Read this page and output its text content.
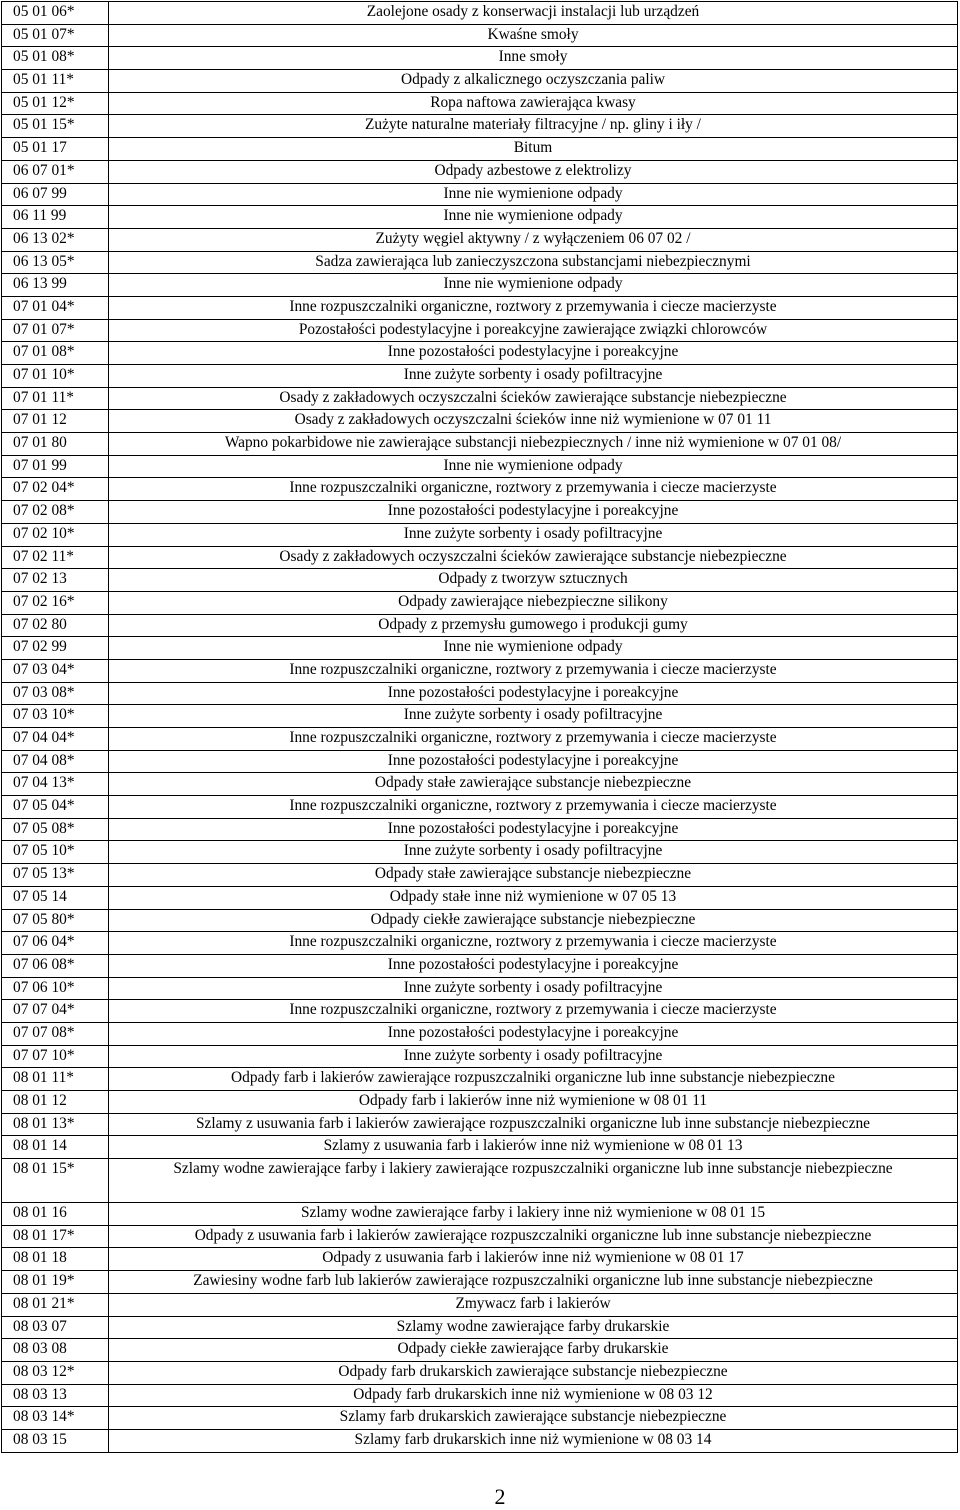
05 01 06*	Zaolejone osady z konserwacji instalacji lub urządzeń
05 01 07*	Kwaśne smoły
05 01 08*	Inne smoły
05 01 11*	Odpady z alkalicznego oczyszczania paliw
05 01 12*	Ropa naftowa zawierająca kwasy
05 01 15*	Zużyte naturalne materiały filtracyjne / np. gliny i iły /
05 01 17	Bitum
06 07 01*	Odpady azbestowe z elektrolizy
06 07 99	Inne nie wymienione odpady
06 11 99	Inne nie wymienione odpady
06 13 02*	Zużyty węgiel aktywny / z wyłączeniem 06 07 02 /
06 13 05*	Sadza zawierająca lub zanieczyszczona substancjami niebezpiecznymi
06 13 99	Inne nie wymienione odpady
07 01 04*	Inne rozpuszczalniki organiczne, roztwory z przemywania i ciecze macierzyste
07 01 07*	Pozostałości podestylacyjne i poreakcyjne zawierające związki chlorowców
07 01 08*	Inne pozostałości podestylacyjne i poreakcyjne
07 01 10*	Inne zużyte sorbenty i osady pofiltracyjne
07 01 11*	Osady z zakładowych oczyszczalni ścieków zawierające substancje niebezpieczne
07 01 12	Osady z zakładowych oczyszczalni ścieków inne niż wymienione w 07 01 11
07 01 80	Wapno pokarbidowe nie zawierające substancji niebezpiecznych / inne niż wymienione w 07 01 08/
07 01 99	Inne nie wymienione odpady
07 02 04*	Inne rozpuszczalniki organiczne, roztwory z przemywania i ciecze macierzyste
07 02 08*	Inne pozostałości podestylacyjne i poreakcyjne
07 02 10*	Inne zużyte sorbenty i osady pofiltracyjne
07 02 11*	Osady z zakładowych oczyszczalni ścieków zawierające substancje niebezpieczne
07 02 13	Odpady z tworzyw sztucznych
07 02 16*	Odpady zawierające niebezpieczne silikony
07 02 80	Odpady z przemysłu gumowego i produkcji gumy
07 02 99	Inne nie wymienione odpady
07 03 04*	Inne rozpuszczalniki organiczne, roztwory z przemywania i ciecze macierzyste
07 03 08*	Inne pozostałości podestylacyjne i poreakcyjne
07 03 10*	Inne zużyte sorbenty i osady pofiltracyjne
07 04 04*	Inne rozpuszczalniki organiczne, roztwory z przemywania i ciecze macierzyste
07 04 08*	Inne pozostałości podestylacyjne i poreakcyjne
07 04 13*	Odpady stałe zawierające substancje niebezpieczne
07 05 04*	Inne rozpuszczalniki organiczne, roztwory z przemywania i ciecze macierzyste
07 05 08*	Inne pozostałości podestylacyjne i poreakcyjne
07 05 10*	Inne zużyte sorbenty i osady pofiltracyjne
07 05 13*	Odpady stałe zawierające substancje niebezpieczne
07 05 14	Odpady stałe inne niż wymienione w 07 05 13
07 05 80*	Odpady ciekłe zawierające substancje niebezpieczne
07 06 04*	Inne rozpuszczalniki organiczne, roztwory z przemywania i ciecze macierzyste
07 06 08*	Inne pozostałości podestylacyjne i poreakcyjne
07 06 10*	Inne zużyte sorbenty i osady pofiltracyjne
07 07 04*	Inne rozpuszczalniki organiczne, roztwory z przemywania i ciecze macierzyste
07 07 08*	Inne pozostałości podestylacyjne i poreakcyjne
07 07 10*	Inne zużyte sorbenty i osady pofiltracyjne
08 01 11*	Odpady farb i lakierów zawierające rozpuszczalniki organiczne lub inne substancje niebezpieczne
08 01 12	Odpady farb i lakierów inne niż wymienione w 08 01 11
08 01 13*	Szlamy z usuwania farb i lakierów zawierające rozpuszczalniki organiczne lub inne substancje niebezpieczne
08 01 14	Szlamy z usuwania farb i lakierów inne niż wymienione w 08 01 13
08 01 15*	Szlamy wodne zawierające farby i lakiery zawierające rozpuszczalniki organiczne lub inne substancje niebezpieczne
08 01 16	Szlamy wodne zawierające farby i lakiery inne niż wymienione w 08 01 15
08 01 17*	Odpady z usuwania farb i lakierów zawierające rozpuszczalniki organiczne lub inne substancje niebezpieczne
08 01 18	Odpady z usuwania farb i lakierów inne niż wymienione w 08 01 17
08 01 19*	Zawiesiny wodne farb lub lakierów zawierające rozpuszczalniki organiczne lub inne substancje niebezpieczne
08 01 21*	Zmywacz farb i lakierów
08 03 07	Szlamy wodne zawierające farby drukarskie
08 03 08	Odpady ciekłe zawierające farby drukarskie
08 03 12*	Odpady farb drukarskich zawierające substancje niebezpieczne
08 03 13	Odpady farb drukarskich inne niż wymienione w 08 03 12
08 03 14*	Szlamy farb drukarskich zawierające substancje niebezpieczne
08 03 15	Szlamy farb drukarskich inne niż wymienione w 08 03 14
2
